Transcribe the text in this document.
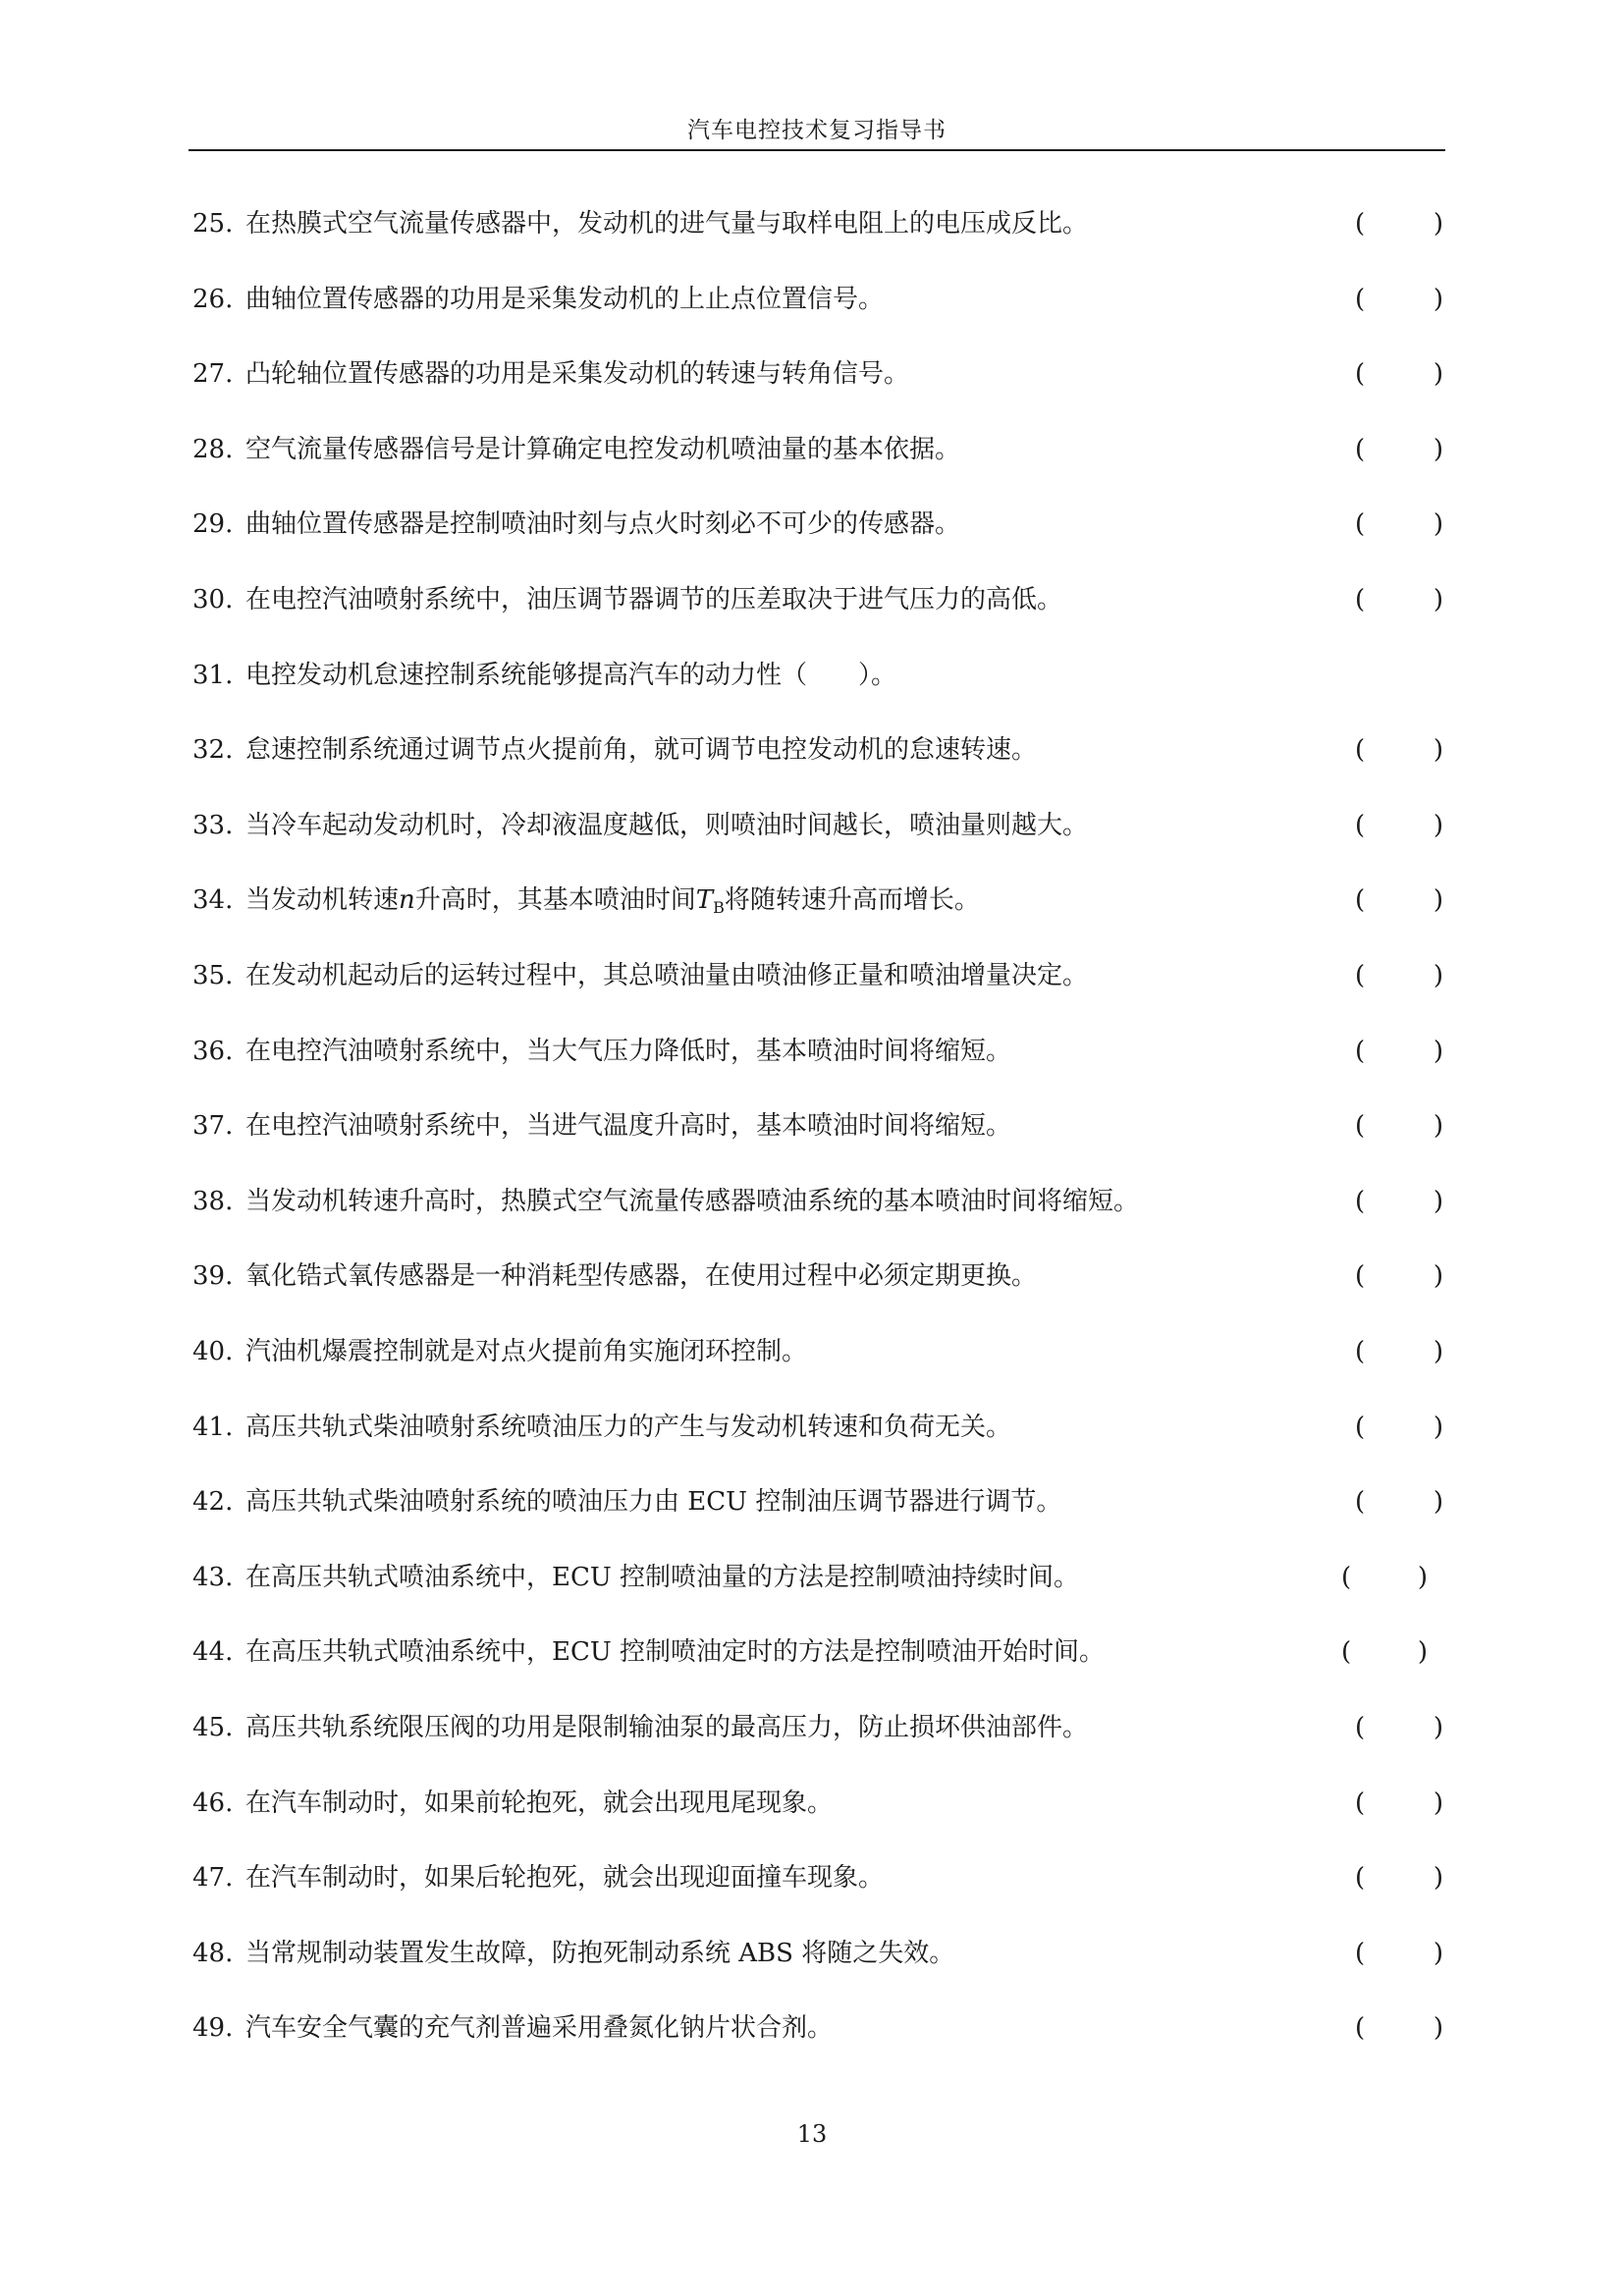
汽车电控技术复习指导书
25. 在热膜式空气流量传感器中，发动机的进气量与取样电阻上的电压成反比。	(	)
26. 曲轴位置传感器的功用是采集发动机的上止点位置信号。	(	)
27. 凸轮轴位置传感器的功用是采集发动机的转速与转角信号。	(	)
28. 空气流量传感器信号是计算确定电控发动机喷油量的基本依据。	(	)
29. 曲轴位置传感器是控制喷油时刻与点火时刻必不可少的传感器。	(	)
30. 在电控汽油喷射系统中，油压调节器调节的压差取决于进气压力的高低。	(	)
31. 电控发动机怠速控制系统能够提高汽车的动力性（　　）。
32. 怠速控制系统通过调节点火提前角，就可调节电控发动机的怠速转速。	(	)
33. 当冷车起动发动机时，冷却液温度越低，则喷油时间越长，喷油量则越大。	(	)
34. 当发动机转速n升高时，其基本喷油时间$T_B$将随转速升高而增长。	(	)
35. 在发动机起动后的运转过程中，其总喷油量由喷油修正量和喷油增量决定。	(	)
36. 在电控汽油喷射系统中，当大气压力降低时，基本喷油时间将缩短。	(	)
37. 在电控汽油喷射系统中，当进气温度升高时，基本喷油时间将缩短。	(	)
38. 当发动机转速升高时，热膜式空气流量传感器喷油系统的基本喷油时间将缩短。	(	)
39. 氧化锆式氧传感器是一种消耗型传感器，在使用过程中必须定期更换。	(	)
40. 汽油机爆震控制就是对点火提前角实施闭环控制。	(	)
41. 高压共轨式柴油喷射系统喷油压力的产生与发动机转速和负荷无关。	(	)
42. 高压共轨式柴油喷射系统的喷油压力由 ECU 控制油压调节器进行调节。	(	)
43. 在高压共轨式喷油系统中，ECU 控制喷油量的方法是控制喷油持续时间。	(	)
44. 在高压共轨式喷油系统中，ECU 控制喷油定时的方法是控制喷油开始时间。	(	)
45. 高压共轨系统限压阀的功用是限制输油泵的最高压力，防止损坏供油部件。	(	)
46. 在汽车制动时，如果前轮抱死，就会出现甩尾现象。	(	)
47. 在汽车制动时，如果后轮抱死，就会出现迎面撞车现象。	(	)
48. 当常规制动装置发生故障，防抱死制动系统 ABS 将随之失效。	(	)
49. 汽车安全气囊的充气剂普遍采用叠氮化钠片状合剂。	(	)
13
